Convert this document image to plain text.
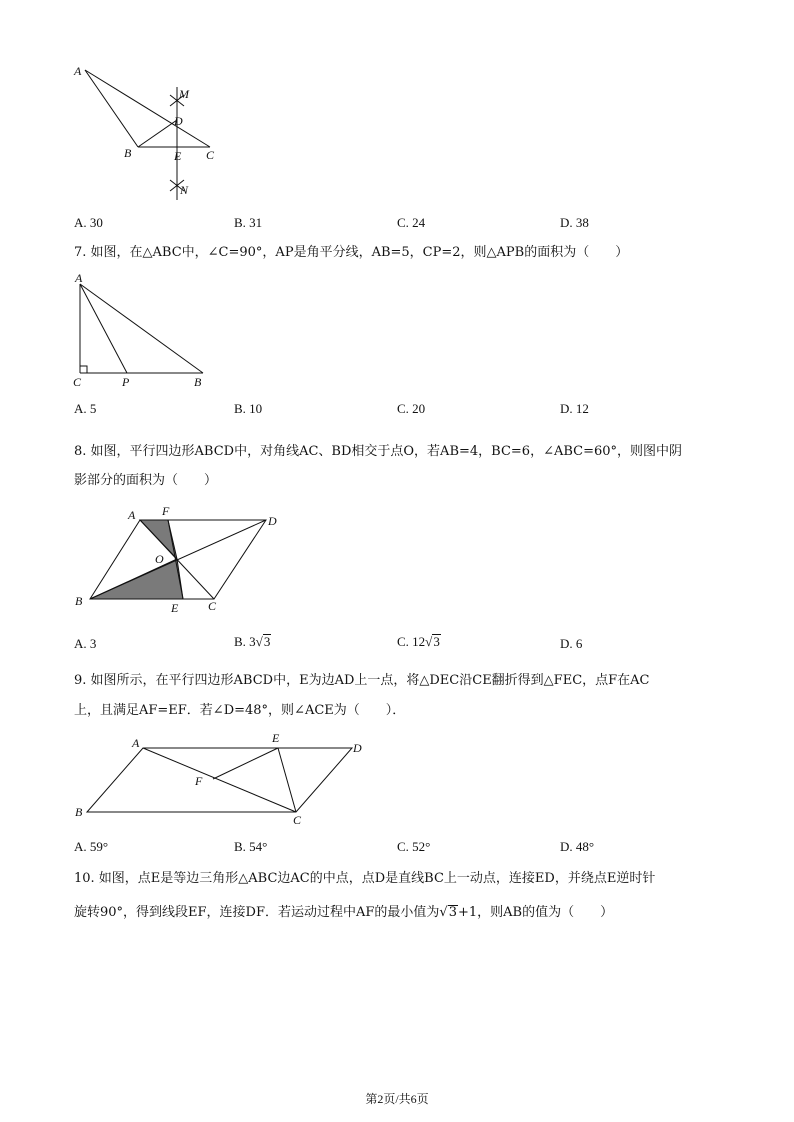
A
B	C
D
E
M
N
A. 30	B. 31	C. 24	D. 38
7. 如图，在△ABC中，∠C=90°，AP是角平分线，AB=5，CP=2，则△APB的面积为（　　）
A
C	P	B
A. 5	B. 10	C. 20	D. 12
8. 如图，平行四边形ABCD中，对角线AC、BD相交于点O，若AB=4，BC=6，∠ABC=60°，则图中阴
影部分的面积为（　　）
A F
D
O
B	E C
A. 3	B. 3√3	C. 12√3	D. 6
9. 如图所示，在平行四边形ABCD中，E为边AD上一点，将△DEC沿CE翻折得到△FEC，点F在AC
上，且满足AF=EF．若∠D=48°，则∠ACE为（　　）．
A	E
D
F
B
C
A. 59°	B. 54°	C. 52°	D. 48°
10. 如图，点E是等边三角形△ABC边AC的中点，点D是直线BC上一动点，连接ED，并绕点E逆时针
旋转90°，得到线段EF，连接DF．若运动过程中AF的最小值为√3+1，则AB的值为（　　）
第2页/共6页
